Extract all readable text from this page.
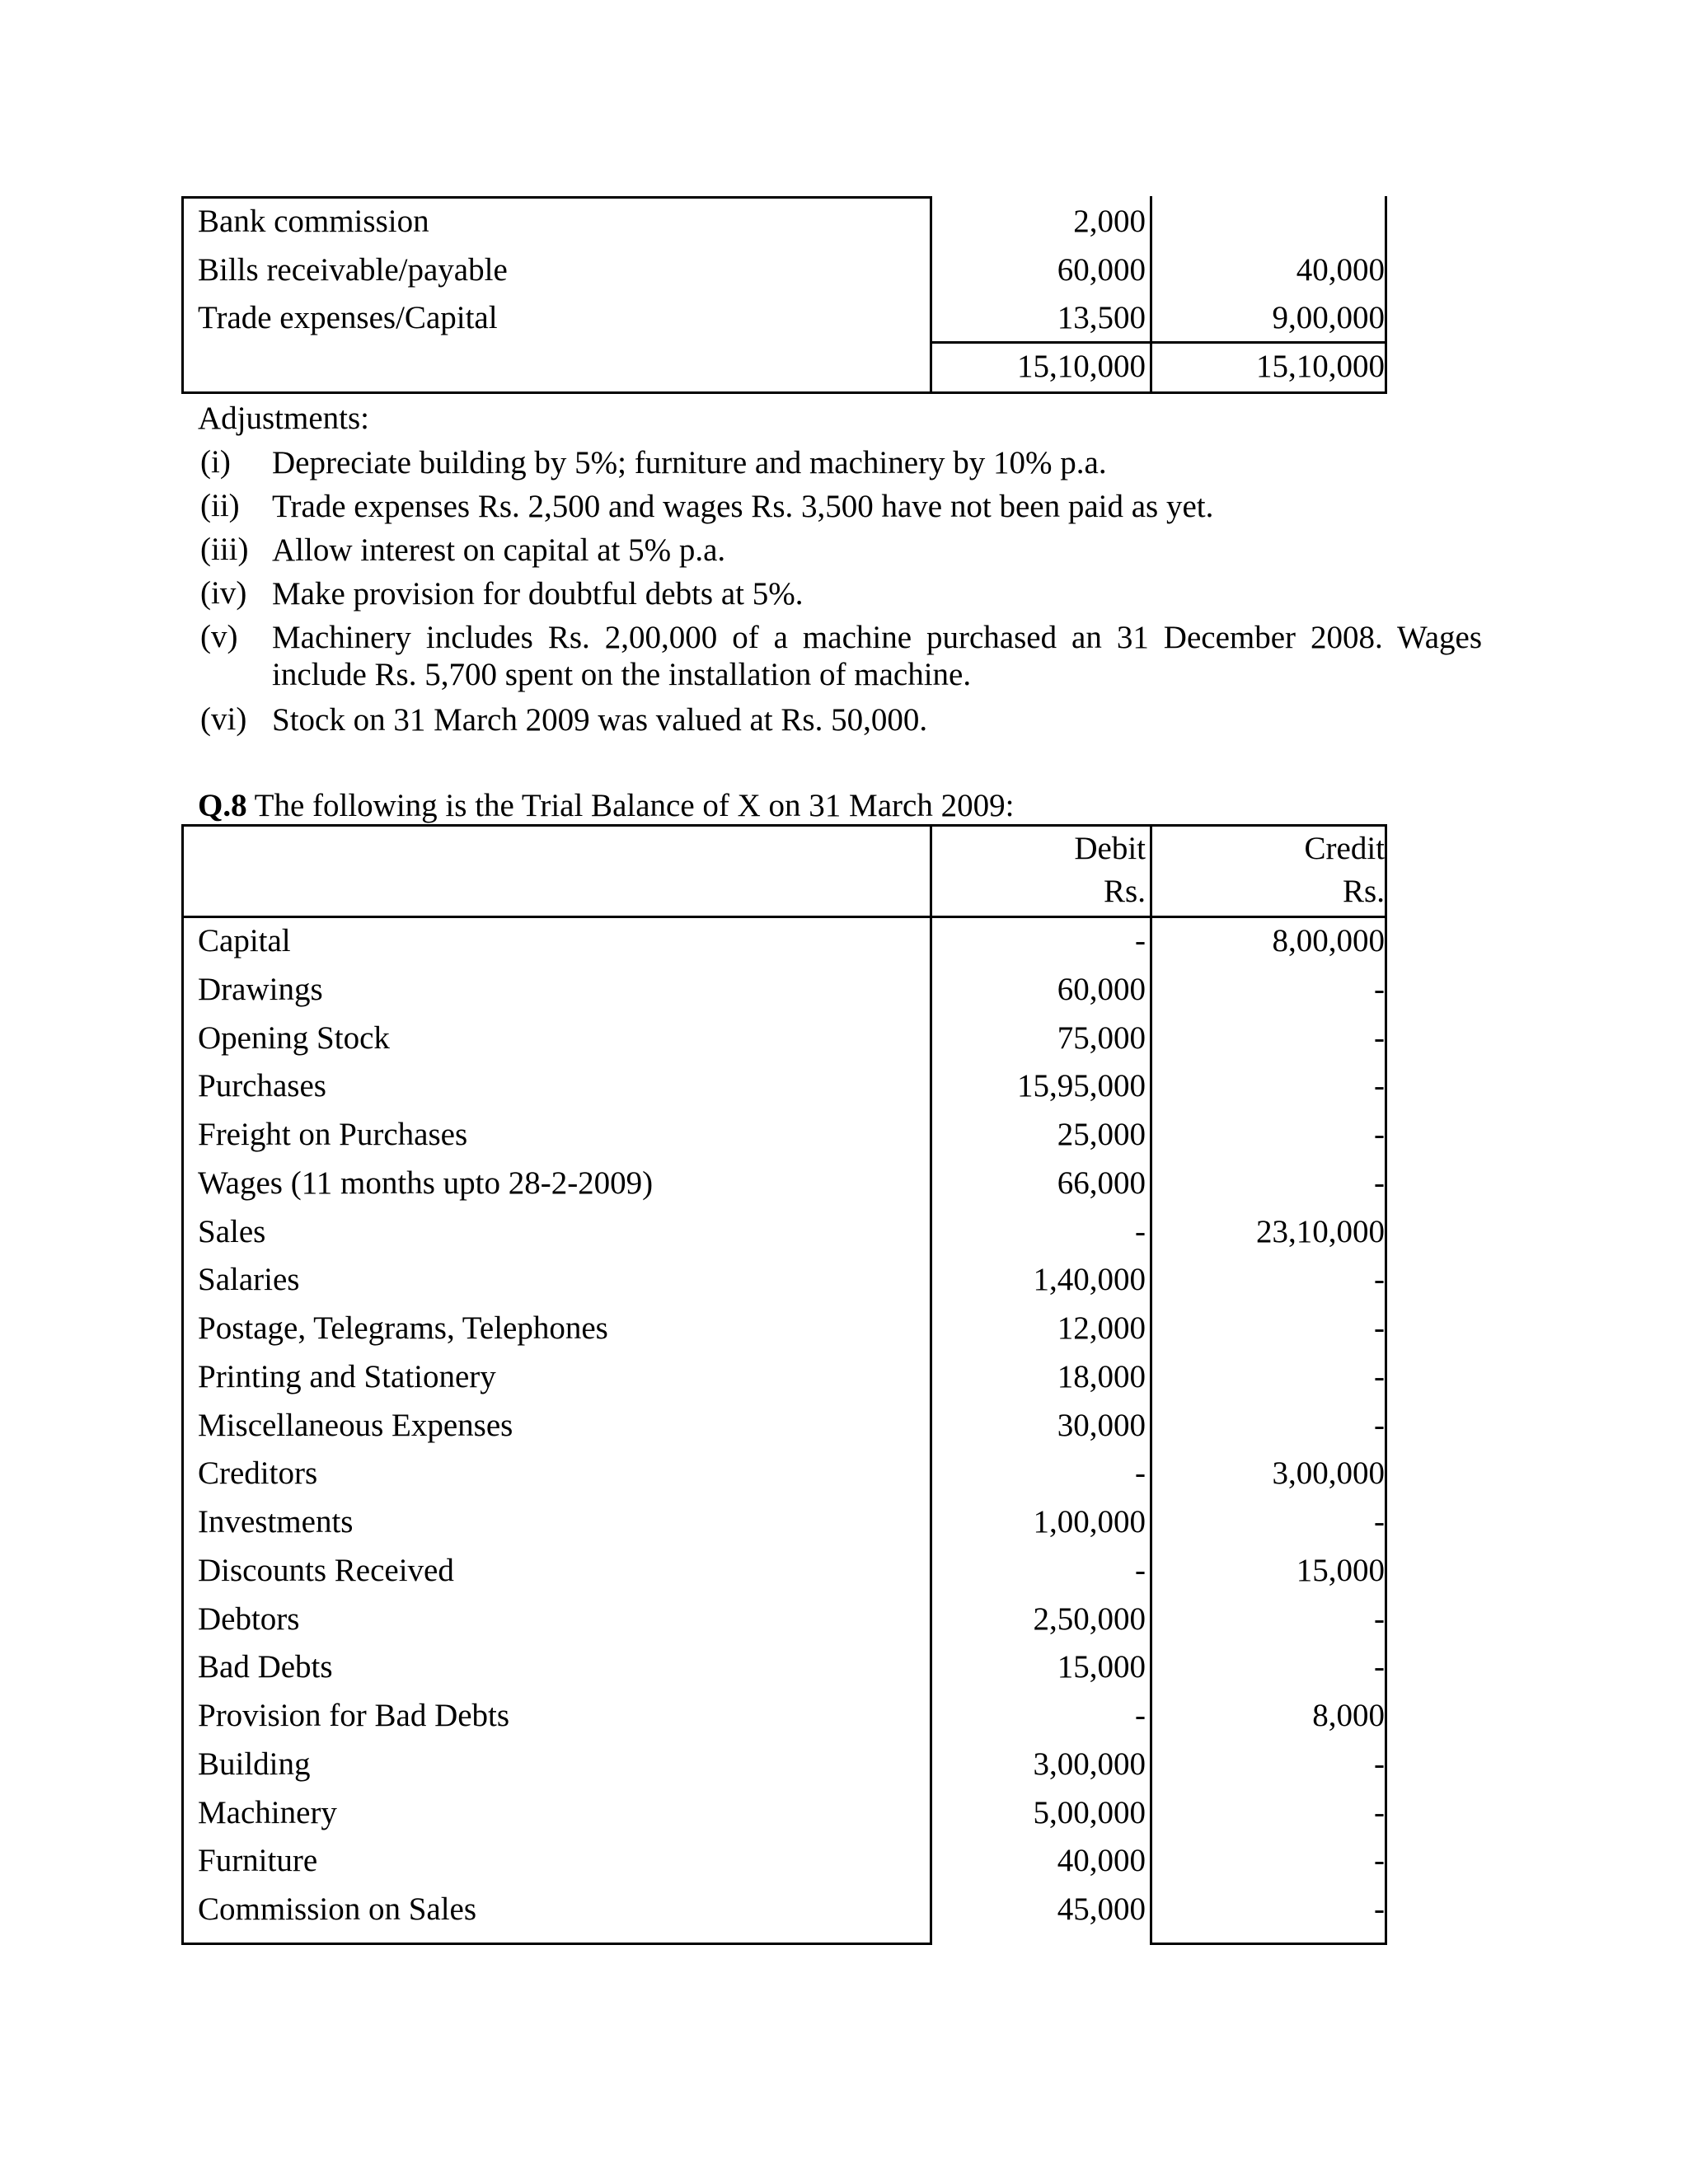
Bank commission	2,000
Bills receivable/payable	60,000	40,000
Trade expenses/Capital	13,500	9,00,000
15,10,000	15,10,000
Adjustments:
(i) Depreciate building by 5%; furniture and machinery by 10% p.a.
(ii) Trade expenses Rs. 2,500 and wages Rs. 3,500 have not been paid as yet.
(iii) Allow interest on capital at 5% p.a.
(iv) Make provision for doubtful debts at 5%.
(v) Machinery includes Rs. 2,00,000 of a machine purchased an 31 December 2008. Wages
include Rs. 5,700 spent on the installation of machine.
(vi) Stock on 31 March 2009 was valued at Rs. 50,000.
Q.8 The following is the Trial Balance of X on 31 March 2009:
Debit	Credit
Rs.	Rs.
Capital	-	8,00,000
Drawings	60,000	-
Opening Stock	75,000	-
Purchases	15,95,000	-
Freight on Purchases	25,000	-
Wages (11 months upto 28-2-2009)	66,000	-
Sales	-	23,10,000
Salaries	1,40,000	-
Postage, Telegrams, Telephones	12,000	-
Printing and Stationery	18,000	-
Miscellaneous Expenses	30,000	-
Creditors	-	3,00,000
Investments	1,00,000	-
Discounts Received	-	15,000
Debtors	2,50,000	-
Bad Debts	15,000	-
Provision for Bad Debts	-	8,000
Building	3,00,000	-
Machinery	5,00,000	-
Furniture	40,000	-
Commission on Sales	45,000	-
